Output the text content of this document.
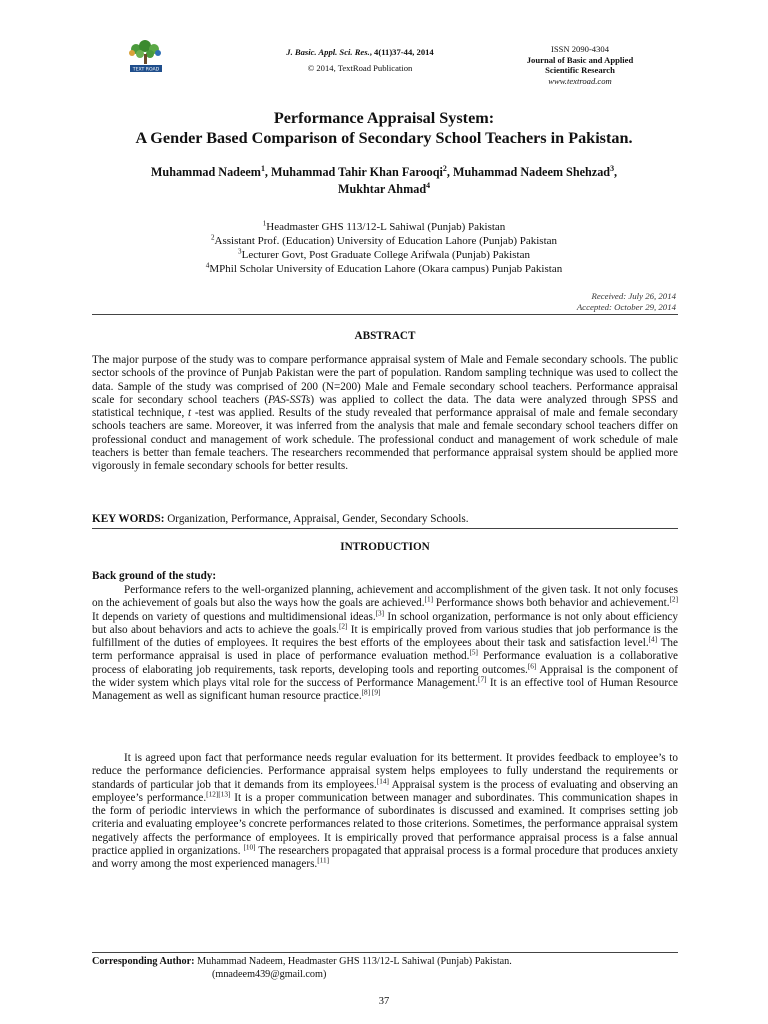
TEXT ROAD
J. Basic. Appl. Sci. Res., 4(11)37-44, 2014
© 2014, TextRoad Publication
ISSN 2090-4304
Journal of Basic and Applied
Scientific Research
www.textroad.com
Performance Appraisal System:
A Gender Based Comparison of Secondary School Teachers in Pakistan.
Muhammad Nadeem$^1$, Muhammad Tahir Khan Farooqi$^2$, Muhammad Nadeem Shehzad$^3$,
Mukhtar Ahmad$^4$
$^1$Headmaster GHS 113/12-L Sahiwal (Punjab) Pakistan
$^2$Assistant Prof. (Education) University of Education Lahore (Punjab) Pakistan
$^3$Lecturer Govt, Post Graduate College Arifwala (Punjab) Pakistan
$^4$MPhil Scholar University of Education Lahore (Okara campus) Punjab Pakistan
Received: July 26, 2014
Accepted: October 29, 2014
ABSTRACT
The major purpose of the study was to compare performance appraisal system of Male and Female secondary schools. The public sector schools of the province of Punjab Pakistan were the part of population. Random sampling technique was used to collect the data. Sample of the study was comprised of 200 (N=200) Male and Female secondary school teachers. Performance appraisal scale for secondary school teachers (PAS-SSTs) was applied to collect the data. The data were analyzed through SPSS and statistical technique, t -test was applied. Results of the study revealed that performance appraisal of male and female secondary schools teachers are same. Moreover, it was inferred from the analysis that male and female secondary school teachers differ on professional conduct and management of work schedule. The professional conduct and management of work schedule of male teachers is better than female teachers. The researchers recommended that performance appraisal system should be applied more vigorously in female secondary schools for better results.
KEY WORDS: Organization, Performance, Appraisal, Gender, Secondary Schools.
INTRODUCTION
Back ground of the study:
Performance refers to the well-organized planning, achievement and accomplishment of the given task. It not only focuses on the achievement of goals but also the ways how the goals are achieved.[1] Performance shows both behavior and achievement.[2] It depends on variety of questions and multidimensional ideas.[3] In school organization, performance is not only about efficiency but also about behaviors and acts to achieve the goals.[2] It is empirically proved from various studies that job performance is the fulfillment of the duties of employees. It requires the best efforts of the employees about their task and satisfaction level.[4] The term performance appraisal is used in place of performance evaluation method.[5] Performance evaluation is a collaborative process of elaborating job requirements, task reports, developing tools and reporting outcomes.[6] Appraisal is the component of the wider system which plays vital role for the success of Performance Management.[7] It is an effective tool of Human Resource Management as well as significant human resource practice.[8] [9]
It is agreed upon fact that performance needs regular evaluation for its betterment. It provides feedback to employee’s to reduce the performance deficiencies. Performance appraisal system helps employees to fully understand the requirements or standards of particular job that it demands from its employees.[14] Appraisal system is the process of evaluating and observing an employee’s performance.[12][13] It is a proper communication between manager and subordinates. This communication shapes in the form of periodic interviews in which the performance of subordinates is discussed and examined. It comprises setting job criteria and evaluating employee’s concrete performances related to those criterions. Sometimes, the performance appraisal system negatively affects the performance of employees. It is empirically proved that performance appraisal process is a false annual practice applied in organizations. [10] The researchers propagated that appraisal process is a formal procedure that produces anxiety and worry among the most experienced managers.[11]
Corresponding Author: Muhammad Nadeem, Headmaster GHS 113/12-L Sahiwal (Punjab) Pakistan.
(mnadeem439@gmail.com)
37
